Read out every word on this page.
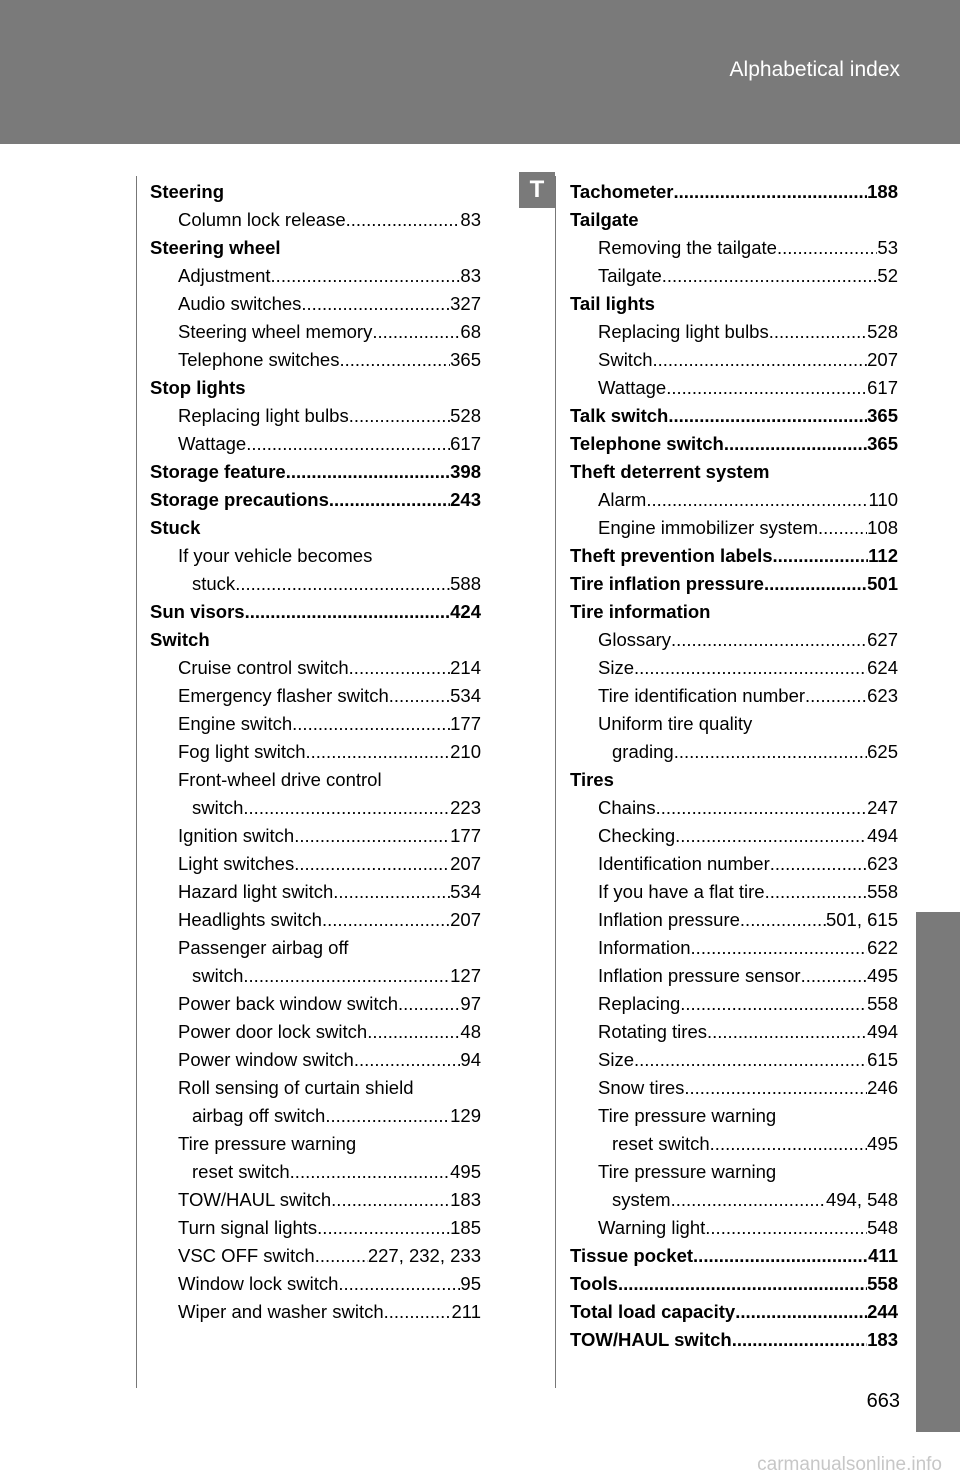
Alphabetical index
T
Steering
Column lock release .....	83
Steering wheel
Adjustment .....	83
Audio switches .....	327
Steering wheel memory .....	68
Telephone switches .....	365
Stop lights
Replacing light bulbs .....	528
Wattage .....	617
Storage feature .....	398
Storage precautions .....	243
Stuck
If your vehicle becomes
stuck .....	588
Sun visors .....	424
Switch
Cruise control switch .....	214
Emergency flasher switch .....	534
Engine switch .....	177
Fog light switch .....	210
Front-wheel drive control
switch .....	223
Ignition switch .....	177
Light switches .....	207
Hazard light switch .....	534
Headlights switch .....	207
Passenger airbag off
switch .....	127
Power back window switch .....	97
Power door lock switch .....	48
Power window switch .....	94
Roll sensing of curtain shield
airbag off switch .....	129
Tire pressure warning
reset switch .....	495
TOW/HAUL switch .....	183
Turn signal lights .....	185
VSC OFF switch .....	227, 232, 233
Window lock switch .....	95
Wiper and washer switch .....	211
Tachometer .....	188
Tailgate
Removing the tailgate .....	53
Tailgate .....	52
Tail lights
Replacing light bulbs .....	528
Switch .....	207
Wattage .....	617
Talk switch .....	365
Telephone switch .....	365
Theft deterrent system
Alarm .....	110
Engine immobilizer system .....	108
Theft prevention labels .....	112
Tire inflation pressure .....	501
Tire information
Glossary .....	627
Size .....	624
Tire identification number .....	623
Uniform tire quality
grading .....	625
Tires
Chains .....	247
Checking .....	494
Identification number .....	623
If you have a flat tire .....	558
Inflation pressure .....	501, 615
Information .....	622
Inflation pressure sensor .....	495
Replacing .....	558
Rotating tires .....	494
Size .....	615
Snow tires .....	246
Tire pressure warning
reset switch .....	495
Tire pressure warning
system .....	494, 548
Warning light .....	548
Tissue pocket .....	411
Tools .....	558
Total load capacity .....	244
TOW/HAUL switch .....	183
663
carmanualsonline.info
